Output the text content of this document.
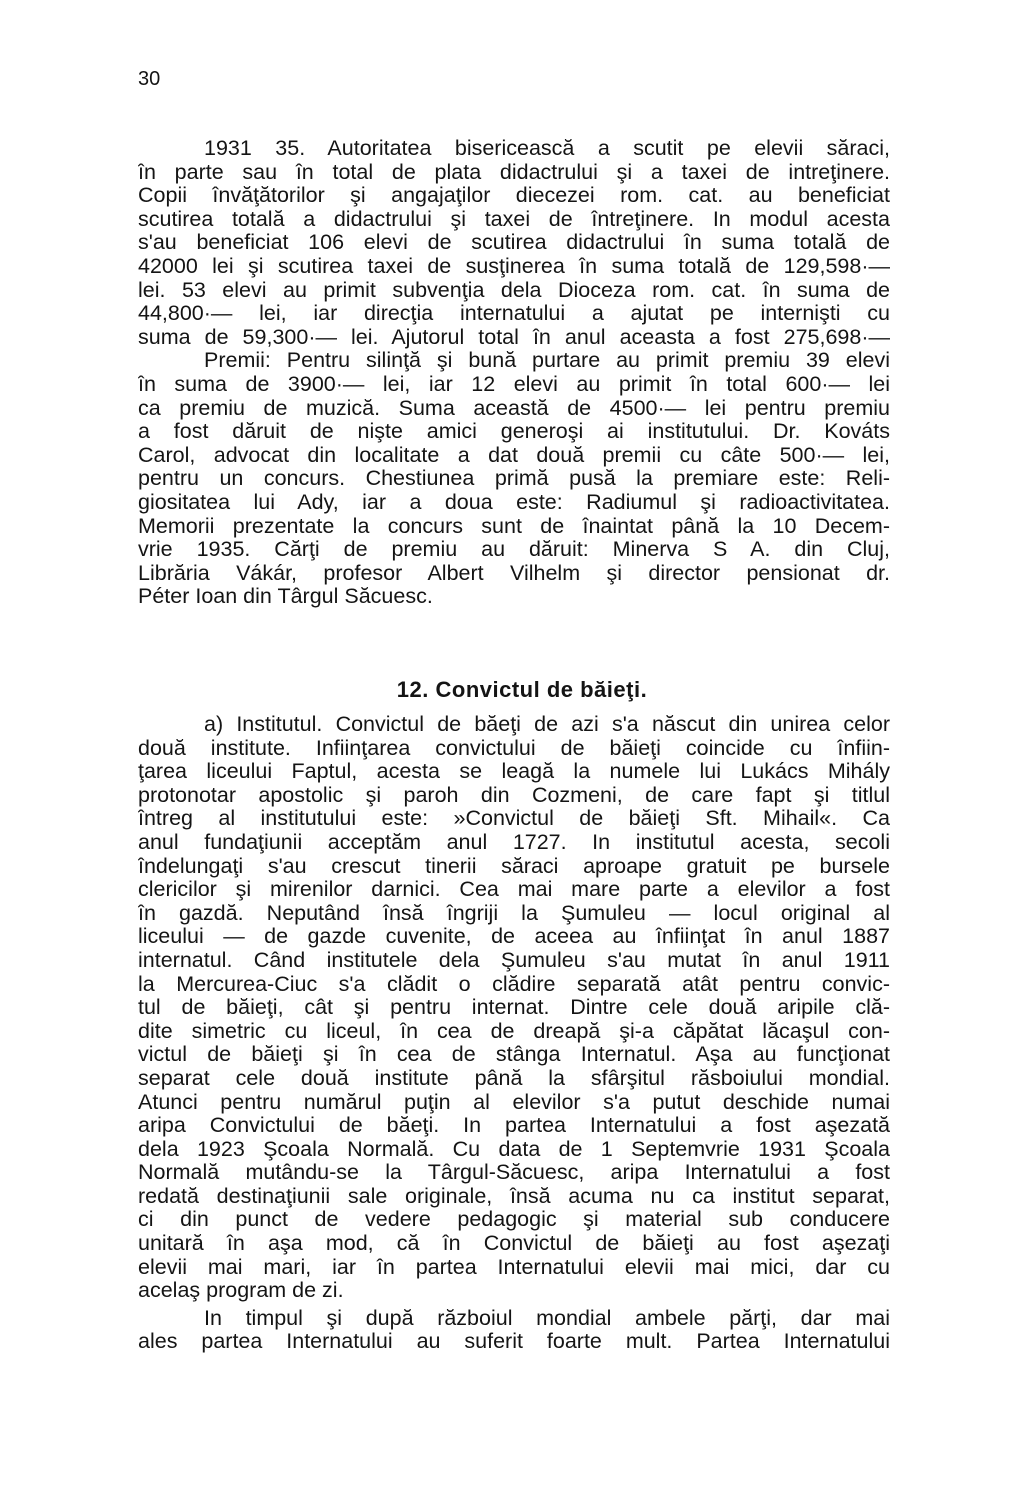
30
1931 35. Autoritatea bisericească a scutit pe elevii săraci,
în parte sau în total de plata didactrului şi a taxei de intreţinere.
Copii învăţătorilor şi angajaţilor diecezei rom. cat. au beneficiat
scutirea totală a didactrului şi taxei de întreţinere. In modul acesta
s'au beneficiat 106 elevi de scutirea didactrului în suma totală de
42000 lei şi scutirea taxei de susţinerea în suma totală de 129,598·—
lei. 53 elevi au primit subvenţia dela Dioceza rom. cat. în suma de
44,800·— lei, iar direcţia internatului a ajutat pe internişti cu
suma de 59,300·— lei. Ajutorul total în anul aceasta a fost 275,698·—
Premii: Pentru silinţă şi bună purtare au primit premiu 39 elevi
în suma de 3900·— lei, iar 12 elevi au primit în total 600·— lei
ca premiu de muzică. Suma această de 4500·— lei pentru premiu
a fost dăruit de nişte amici generoşi ai institutului. Dr. Kováts
Carol, advocat din localitate a dat două premii cu câte 500·— lei,
pentru un concurs. Chestiunea primă pusă la premiare este: Reli-
giositatea lui Ady, iar a doua este: Radiumul şi radioactivitatea.
Memorii prezentate la concurs sunt de înaintat până la 10 Decem-
vrie 1935. Cărţi de premiu au dăruit: Minerva S A. din Cluj,
Librăria Vákár, profesor Albert Vilhelm şi director pensionat dr.
Péter Ioan din Târgul Săcuesc.
12. Convictul de băieţi.
a) Institutul. Convictul de băeţi de azi s'a născut din unirea celor
două institute. Infiinţarea convictului de băieţi coincide cu înfiin-
ţarea liceului Faptul, acesta se leagă la numele lui Lukács Mihály
protonotar apostolic şi paroh din Cozmeni, de care fapt şi titlul
întreg al institutului este: »Convictul de băieţi Sft. Mihail«. Ca
anul fundaţiunii acceptăm anul 1727. In institutul acesta, secoli
îndelungaţi s'au crescut tinerii săraci aproape gratuit pe bursele
clericilor şi mirenilor darnici. Cea mai mare parte a elevilor a fost
în gazdă. Neputând însă îngriji la Şumuleu — locul original al
liceului — de gazde cuvenite, de aceea au înfiinţat în anul 1887
internatul. Când institutele dela Şumuleu s'au mutat în anul 1911
la Mercurea-Ciuc s'a clădit o clădire separată atât pentru convic-
tul de băieţi, cât şi pentru internat. Dintre cele două aripile clă-
dite simetric cu liceul, în cea de dreapă şi-a căpătat lăcaşul con-
victul de băieţi şi în cea de stânga Internatul. Aşa au funcţionat
separat cele două institute până la sfârşitul răsboiului mondial.
Atunci pentru numărul puţin al elevilor s'a putut deschide numai
aripa Convictului de băeţi. In partea Internatului a fost aşezată
dela 1923 Şcoala Normală. Cu data de 1 Septemvrie 1931 Şcoala
Normală mutându-se la Târgul-Săcuesc, aripa Internatului a fost
redată destinaţiunii sale originale, însă acuma nu ca institut separat,
ci din punct de vedere pedagogic şi material sub conducere
unitară în aşa mod, că în Convictul de băieţi au fost aşezaţi
elevii mai mari, iar în partea Internatului elevii mai mici, dar cu
acelaş program de zi.
In timpul şi după războiul mondial ambele părţi, dar mai
ales partea Internatului au suferit foarte mult. Partea Internatului
